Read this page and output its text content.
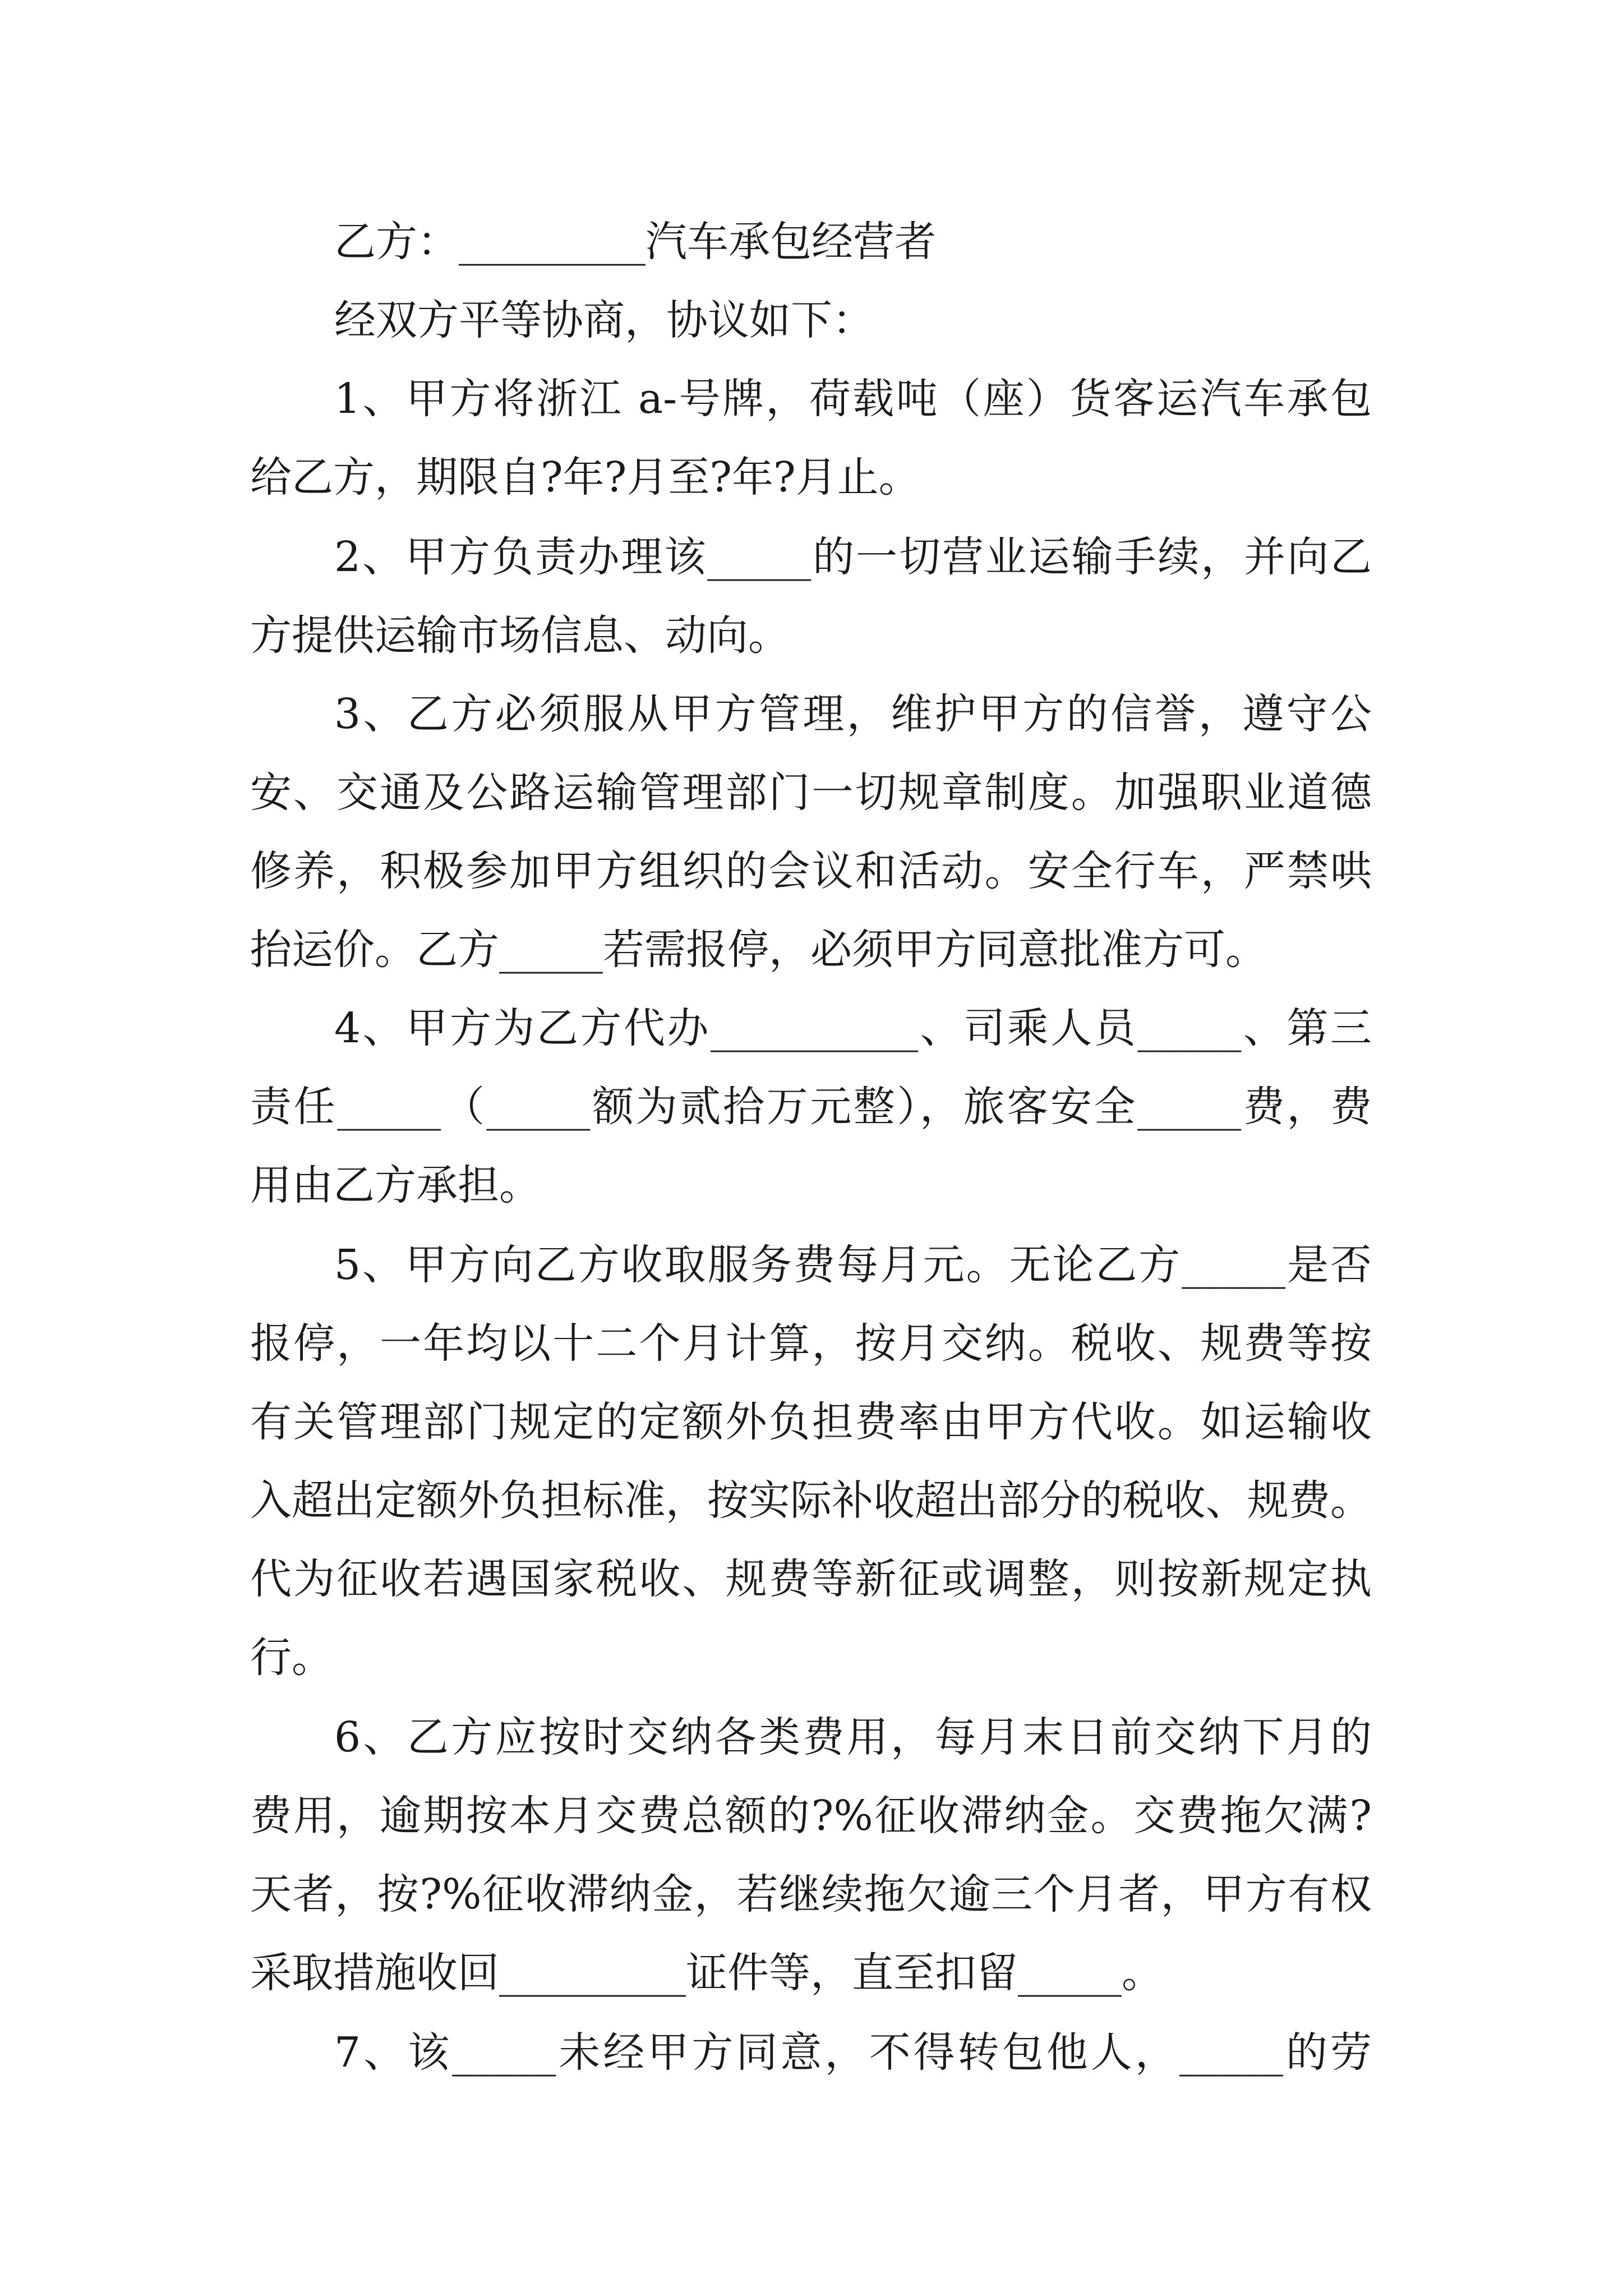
乙方：_________汽车承包经营者

经双方平等协商，协议如下：

1、甲方将浙江 a-号牌，荷载吨（座）货客运汽车承包

给乙方，期限自?年?月至?年?月止。

2、甲方负责办理该_____的一切营业运输手续，并向乙

方提供运输市场信息、动向。

3、乙方必须服从甲方管理，维护甲方的信誉，遵守公

安、交通及公路运输管理部门一切规章制度。加强职业道德

修养，积极参加甲方组织的会议和活动。安全行车，严禁哄

抬运价。乙方_____若需报停，必须甲方同意批准方可。

4、甲方为乙方代办__________、司乘人员_____、第三

责任_____（_____额为贰拾万元整），旅客安全_____费，费

用由乙方承担。

5、甲方向乙方收取服务费每月元。无论乙方_____是否

报停，一年均以十二个月计算，按月交纳。税收、规费等按

有关管理部门规定的定额外负担费率由甲方代收。如运输收

入超出定额外负担标准，按实际补收超出部分的税收、规费。

代为征收若遇国家税收、规费等新征或调整，则按新规定执

行。

6、乙方应按时交纳各类费用，每月末日前交纳下月的

费用，逾期按本月交费总额的?%征收滞纳金。交费拖欠满?

天者，按?%征收滞纳金，若继续拖欠逾三个月者，甲方有权

采取措施收回_________证件等，直至扣留_____。

7、该_____未经甲方同意，不得转包他人，_____的劳
